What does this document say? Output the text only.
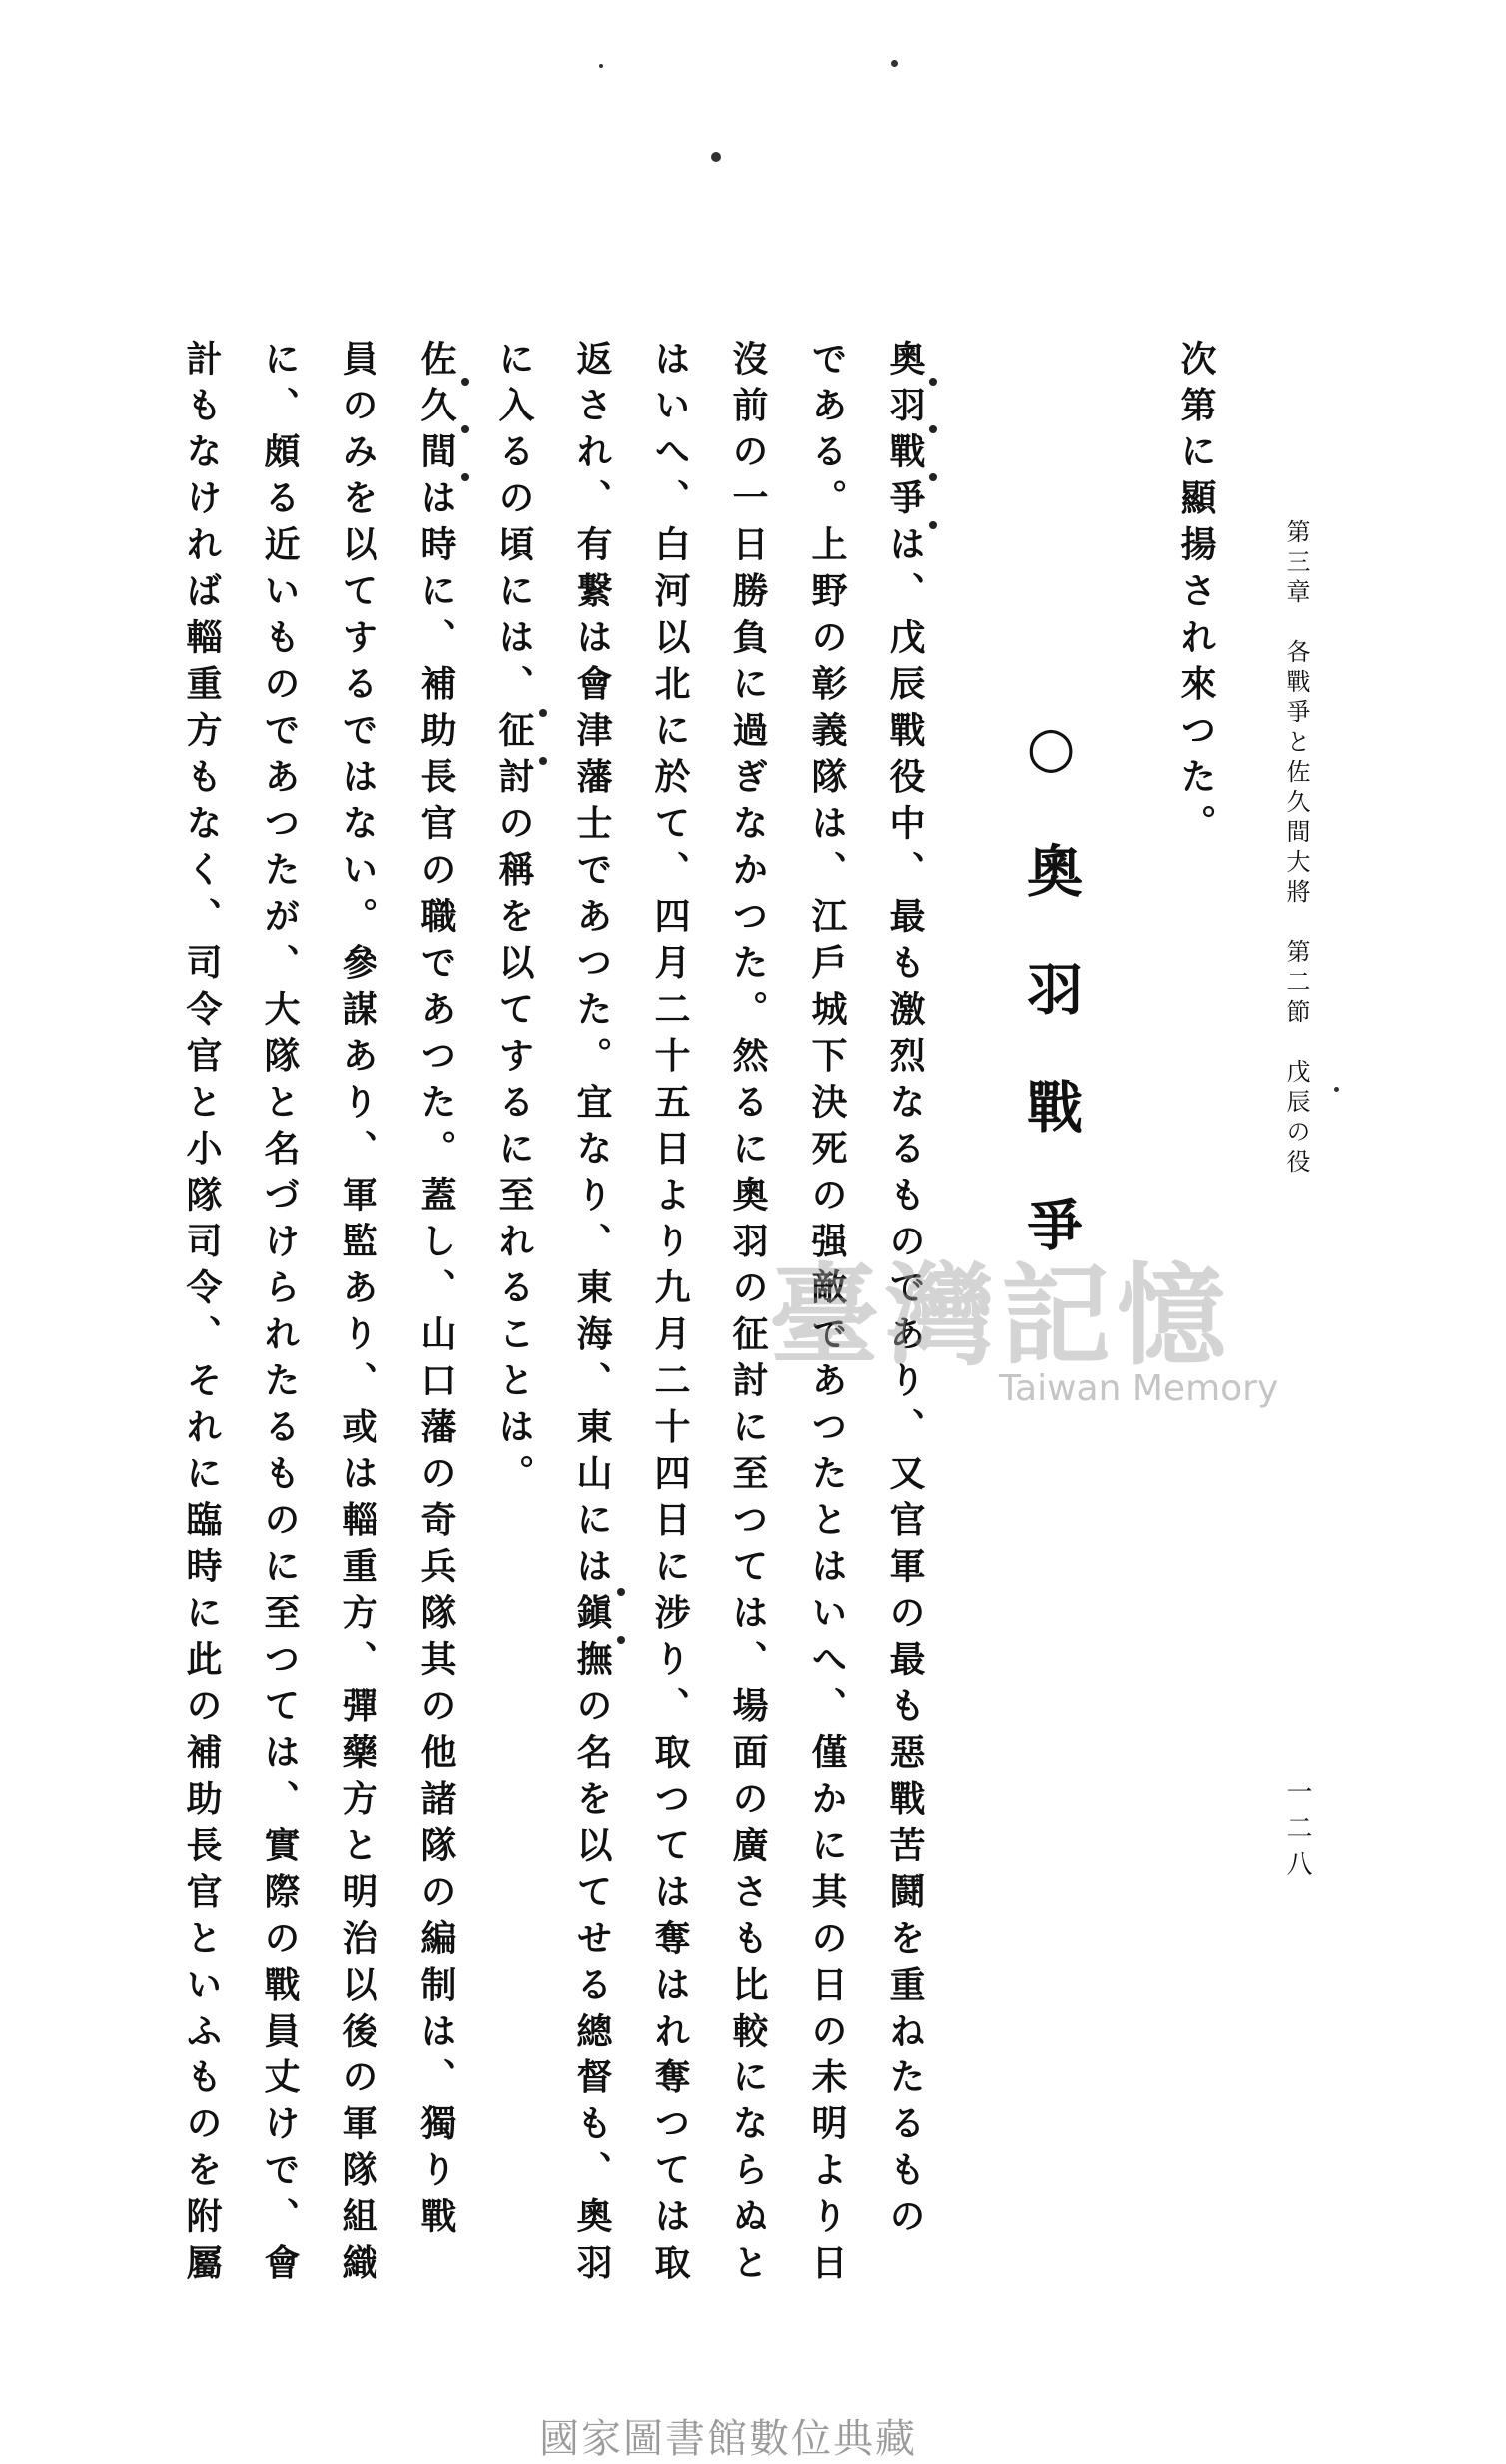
第三章　各戰爭と佐久間大將　第二節　戊辰の役
一二八
次第に顯揚され來つた。
○奧羽戰爭
奧羽戰爭は、戊辰戰役中、最も激烈なるものであり、又官軍の最も惡戰苦鬪を重ねたるもの
である。上野の彰義隊は、江戶城下決死の强敵であつたとはいへ、僅かに其の日の未明より日
沒前の一日勝負に過ぎなかつた。然るに奧羽の征討に至つては、場面の廣さも比較にならぬと
はいへ、白河以北に於て、四月二十五日より九月二十四日に涉り、取つては奪はれ奪つては取
返され、有繋は會津藩士であつた。宜なり、東海、東山には鎭撫の名を以てせる總督も、奧羽
に入るの頃には、征討の稱を以てするに至れることは。
佐久間は時に、補助長官の職であつた。蓋し、山口藩の奇兵隊其の他諸隊の編制は、獨り戰
員のみを以てするではない。參謀あり、軍監あり、或は輜重方、彈藥方と明治以後の軍隊組織
に、頗る近いものであつたが、大隊と名づけられたるものに至つては、實際の戰員丈けで、會
計もなければ輜重方もなく、司令官と小隊司令、それに臨時に此の補助長官といふものを附屬	臺灣記憶
Taiwan Memory
國家圖書館數位典藏
